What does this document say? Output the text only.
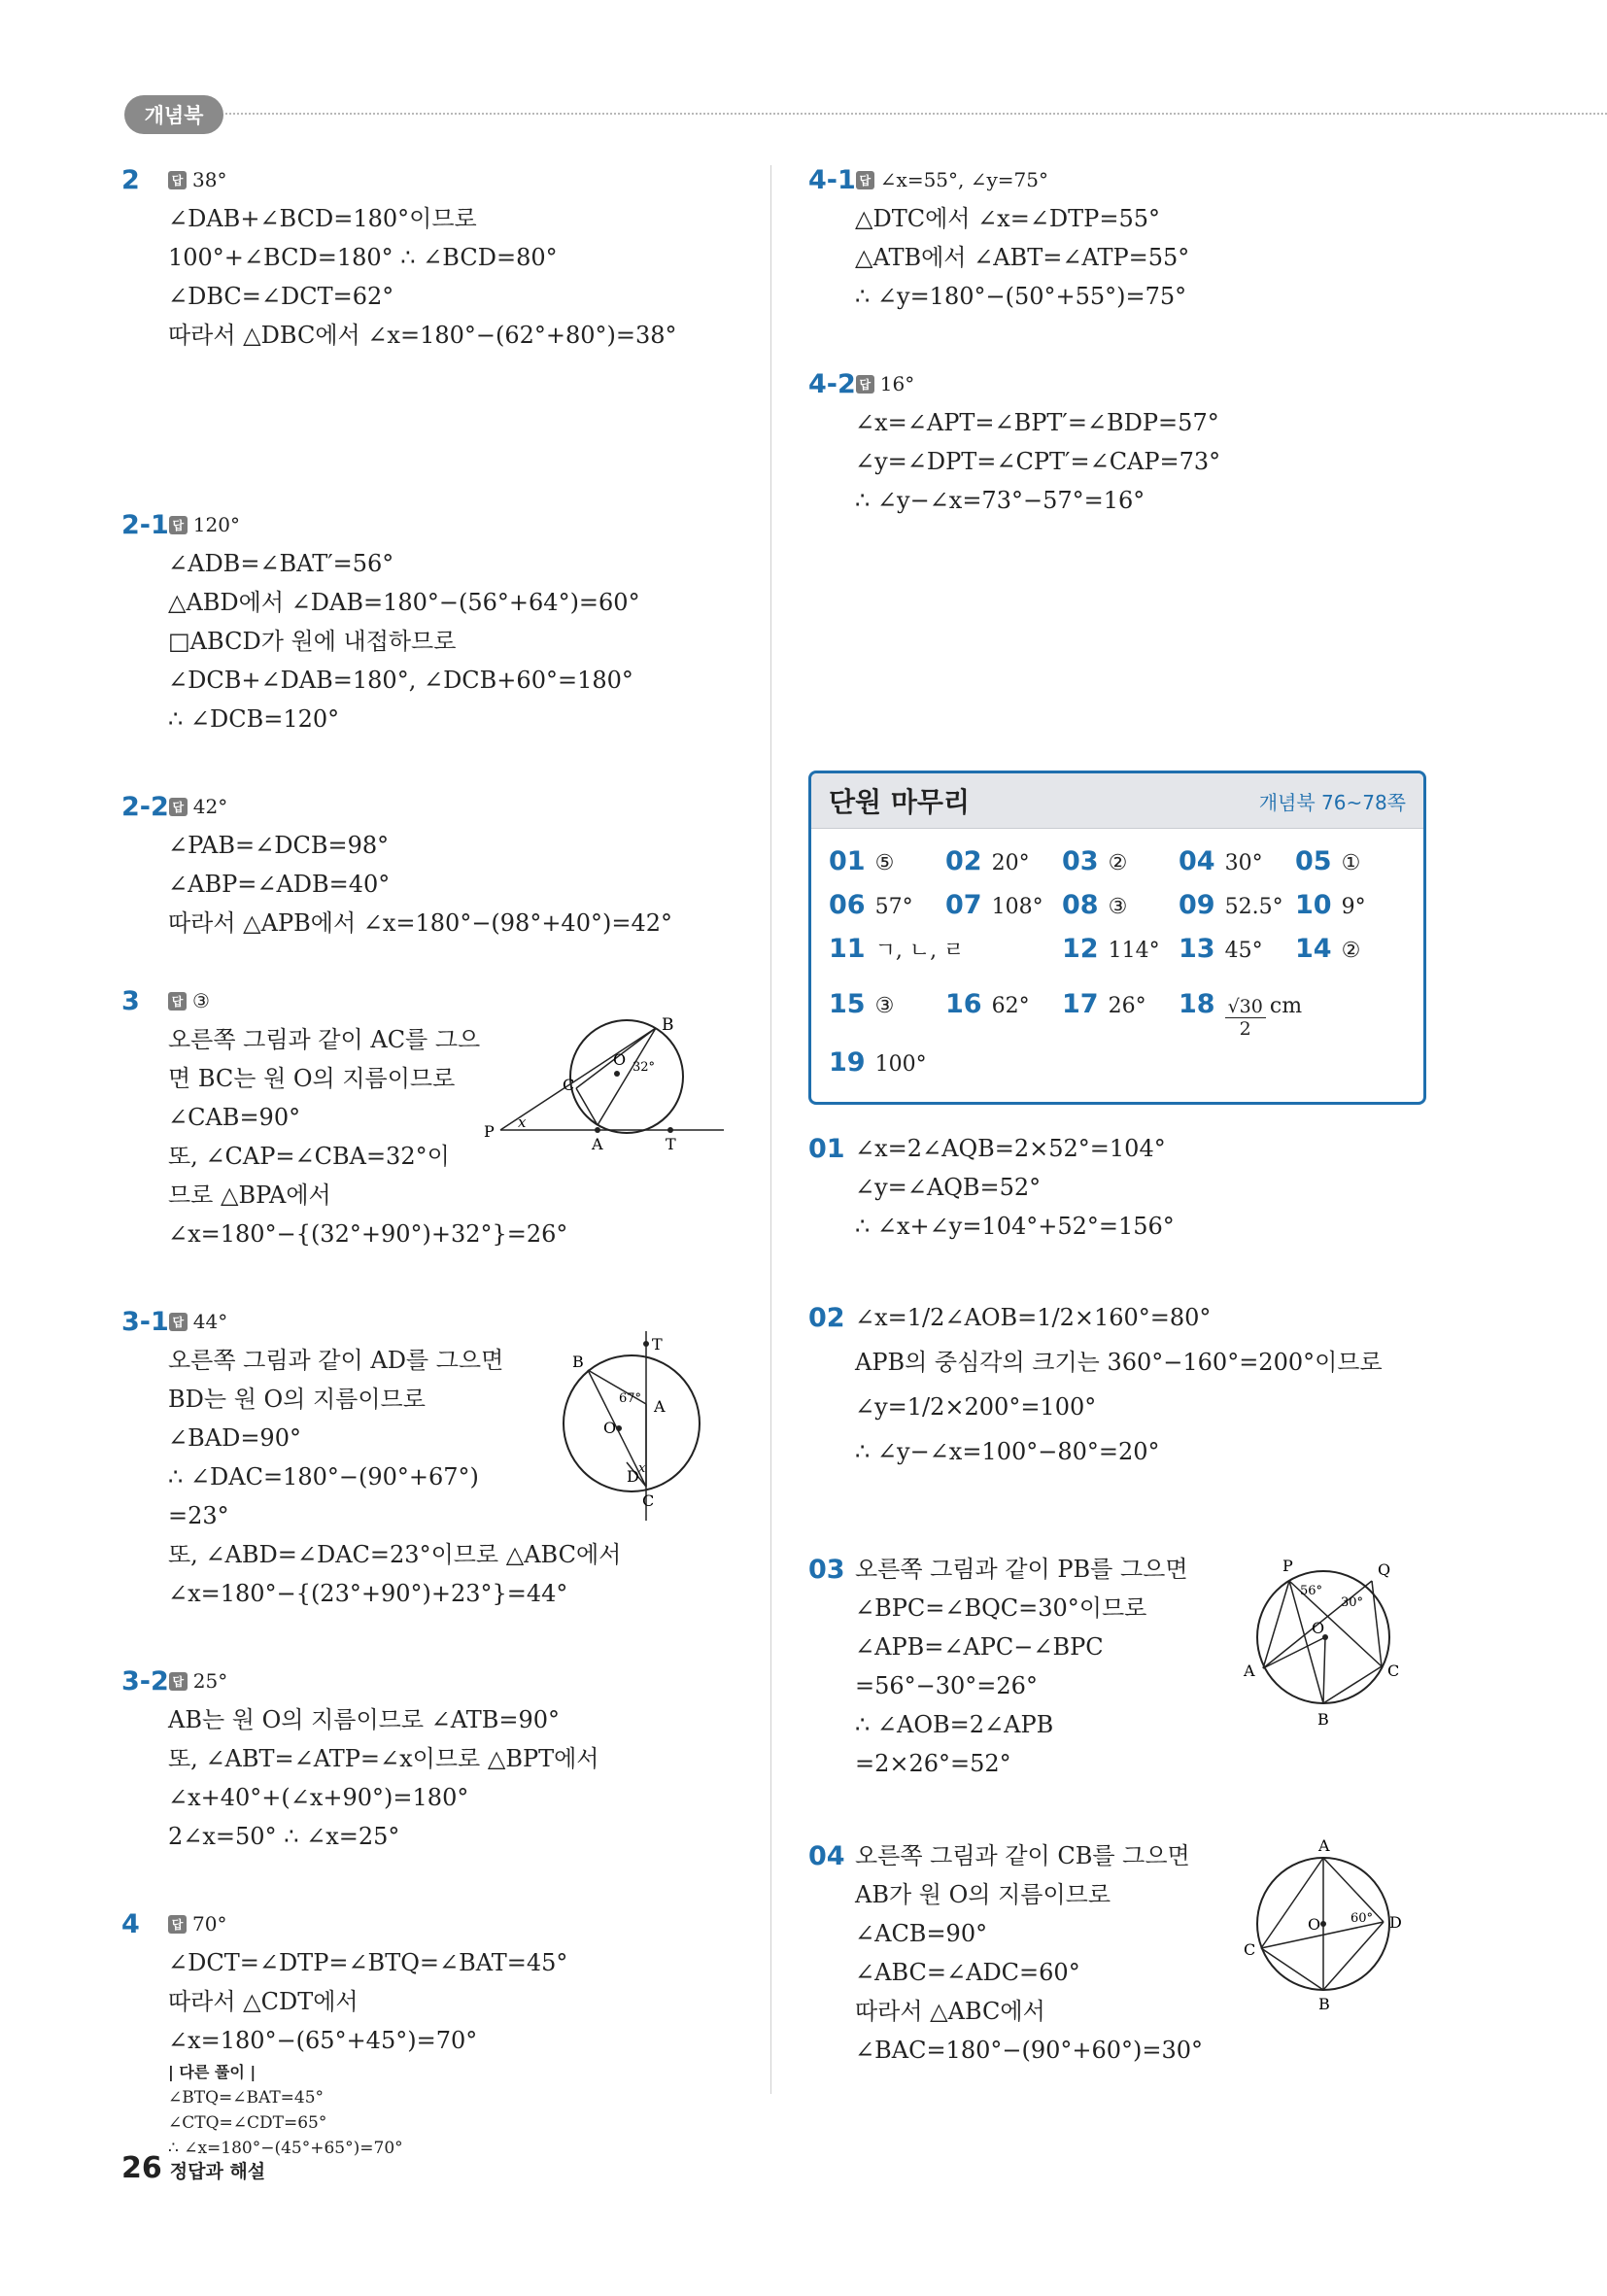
개념북
2	답 38°
∠DAB+∠BCD=180°이므로
100°+∠BCD=180° ∴ ∠BCD=80°
∠DBC=∠DCT=62°
따라서 △DBC에서 ∠x=180°−(62°+80°)=38°
2-1 답 120°
∠ADB=∠BAT′=56°
△ABD에서 ∠DAB=180°−(56°+64°)=60°
□ABCD가 원에 내접하므로
∠DCB+∠DAB=180°, ∠DCB+60°=180°
∴ ∠DCB=120°
2-2 답 42°
∠PAB=∠DCB=98°
∠ABP=∠ADB=40°
따라서 △APB에서 ∠x=180°−(98°+40°)=42°
3	답 ③
오른쪽 그림과 같이 AC를 그으
면 BC는 원 O의 지름이므로
∠CAB=90°
또, ∠CAP=∠CBA=32°이
므로 △BPA에서
∠x=180°−{(32°+90°)+32°}=26°
B
O 32°
C
P x
A	T
3-1 답 44°
오른쪽 그림과 같이 AD를 그으면
BD는 원 O의 지름이므로
∠BAD=90°
∴ ∠DAC=180°−(90°+67°)
=23°
또, ∠ABD=∠DAC=23°이므로 △ABC에서
∠x=180°−{(23°+90°)+23°}=44°
T
B
67° A
O
D x
C
3-2 답 25°
AB는 원 O의 지름이므로 ∠ATB=90°
또, ∠ABT=∠ATP=∠x이므로 △BPT에서
∠x+40°+(∠x+90°)=180°
2∠x=50° ∴ ∠x=25°
4	답 70°
∠DCT=∠DTP=∠BTQ=∠BAT=45°
따라서 △CDT에서
∠x=180°−(65°+45°)=70°
| 다른 풀이 |
∠BTQ=∠BAT=45°
∠CTQ=∠CDT=65°
∴ ∠x=180°−(45°+65°)=70°
4-1 답 ∠x=55°, ∠y=75°
△DTC에서 ∠x=∠DTP=55°
△ATB에서 ∠ABT=∠ATP=55°
∴ ∠y=180°−(50°+55°)=75°
4-2 답 16°
∠x=∠APT=∠BPT′=∠BDP=57°
∠y=∠DPT=∠CPT′=∠CAP=73°
∴ ∠y−∠x=73°−57°=16°
단원 마무리	개념북 76~78쪽
01 ⑤ 02 20° 03 ② 04 30° 05 ①
06 57° 07 108° 08 ③ 09 52.5° 10 9°
11 ㄱ, ㄴ, ㄹ	12 114° 13 45° 14 ②
15 ③ 16 62° 17 26° $18 \frac{√30}{2}$ cm
19 100°
01 ∠x=2∠AQB=2×52°=104°
∠y=∠AQB=52°
∴ ∠x+∠y=104°+52°=156°
02 ∠x=1/2∠AOB=1/2×160°=80°
APB의 중심각의 크기는 360°−160°=200°이므로
∠y=1/2×200°=100°
∴ ∠y−∠x=100°−80°=20°
03 오른쪽 그림과 같이 PB를 그으면
∠BPC=∠BQC=30°이므로
∠APB=∠APC−∠BPC
=56°−30°=26°
∴ ∠AOB=2∠APB
=2×26°=52°
P
56°
Q
30°
O
A	C
B
04 오른쪽 그림과 같이 CB를 그으면
AB가 원 O의 지름이므로
∠ACB=90°
∠ABC=∠ADC=60°
따라서 △ABC에서
∠BAC=180°−(90°+60°)=30°
A
O 60° D
C
B
26 정답과 해설
